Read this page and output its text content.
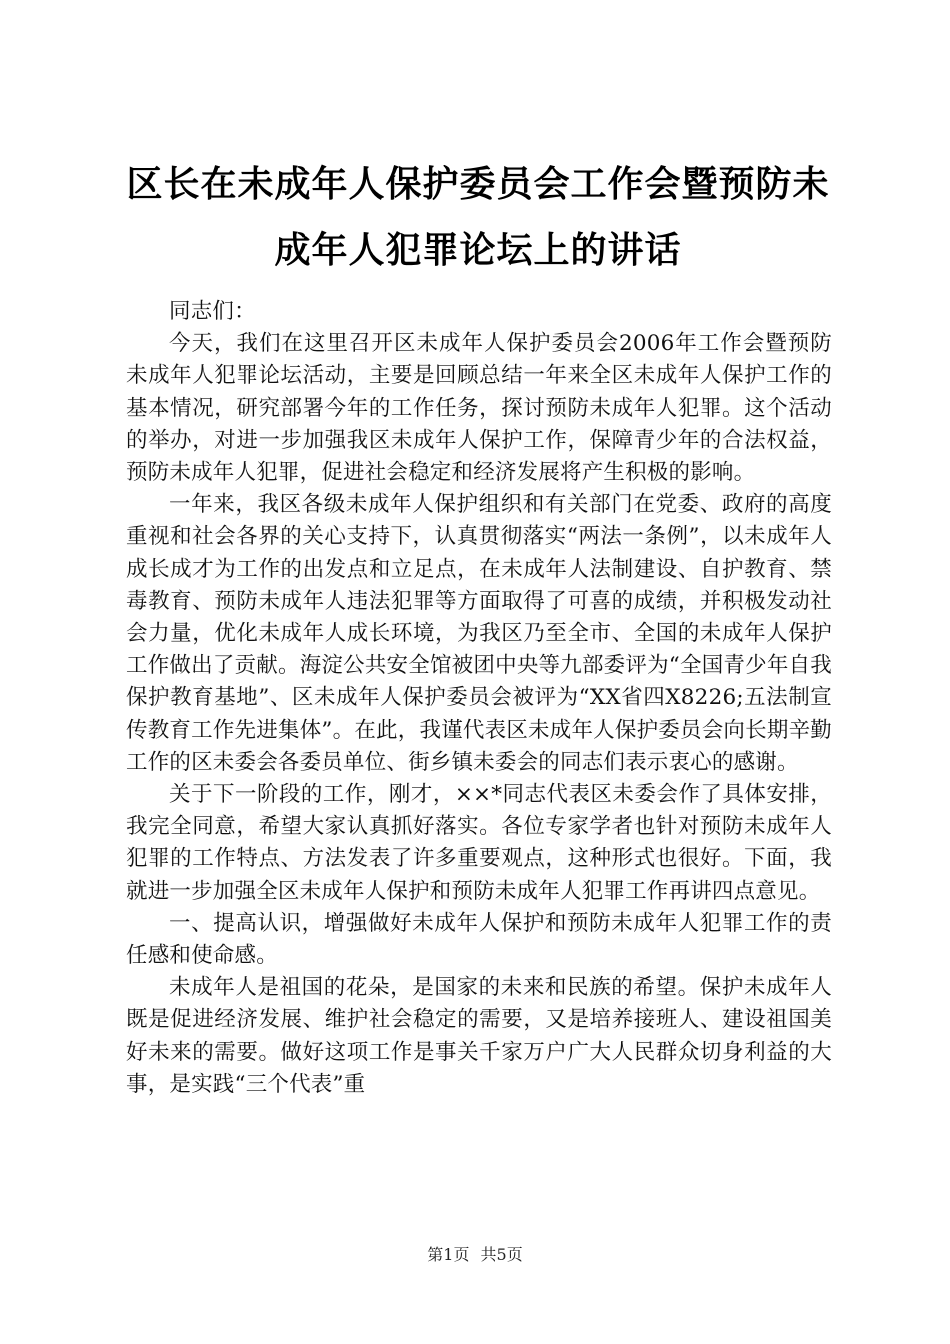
区长在未成年人保护委员会工作会暨预防未成年人犯罪论坛上的讲话

同志们：

今天，我们在这里召开区未成年人保护委员会2006年工作会暨预防未成年人犯罪论坛活动，主要是回顾总结一年来全区未成年人保护工作的基本情况，研究部署今年的工作任务，探讨预防未成年人犯罪。这个活动的举办，对进一步加强我区未成年人保护工作，保障青少年的合法权益，预防未成年人犯罪，促进社会稳定和经济发展将产生积极的影响。

一年来，我区各级未成年人保护组织和有关部门在党委、政府的高度重视和社会各界的关心支持下，认真贯彻落实“两法一条例”，以未成年人成长成才为工作的出发点和立足点，在未成年人法制建设、自护教育、禁毒教育、预防未成年人违法犯罪等方面取得了可喜的成绩，并积极发动社会力量，优化未成年人成长环境，为我区乃至全市、全国的未成年人保护工作做出了贡献。海淀公共安全馆被团中央等九部委评为“全国青少年自我保护教育基地”、区未成年人保护委员会被评为“XX省四X8226;五法制宣传教育工作先进集体”。在此，我谨代表区未成年人保护委员会向长期辛勤工作的区未委会各委员单位、街乡镇未委会的同志们表示衷心的感谢。

关于下一阶段的工作，刚才，××*同志代表区未委会作了具体安排，我完全同意，希望大家认真抓好落实。各位专家学者也针对预防未成年人犯罪的工作特点、方法发表了许多重要观点，这种形式也很好。下面，我就进一步加强全区未成年人保护和预防未成年人犯罪工作再讲四点意见。

一、提高认识，增强做好未成年人保护和预防未成年人犯罪工作的责任感和使命感。

未成年人是祖国的花朵，是国家的未来和民族的希望。保护未成年人既是促进经济发展、维护社会稳定的需要，又是培养接班人、建设祖国美好未来的需要。做好这项工作是事关千家万户广大人民群众切身利益的大事，是实践“三个代表”重

第1页 共5页
